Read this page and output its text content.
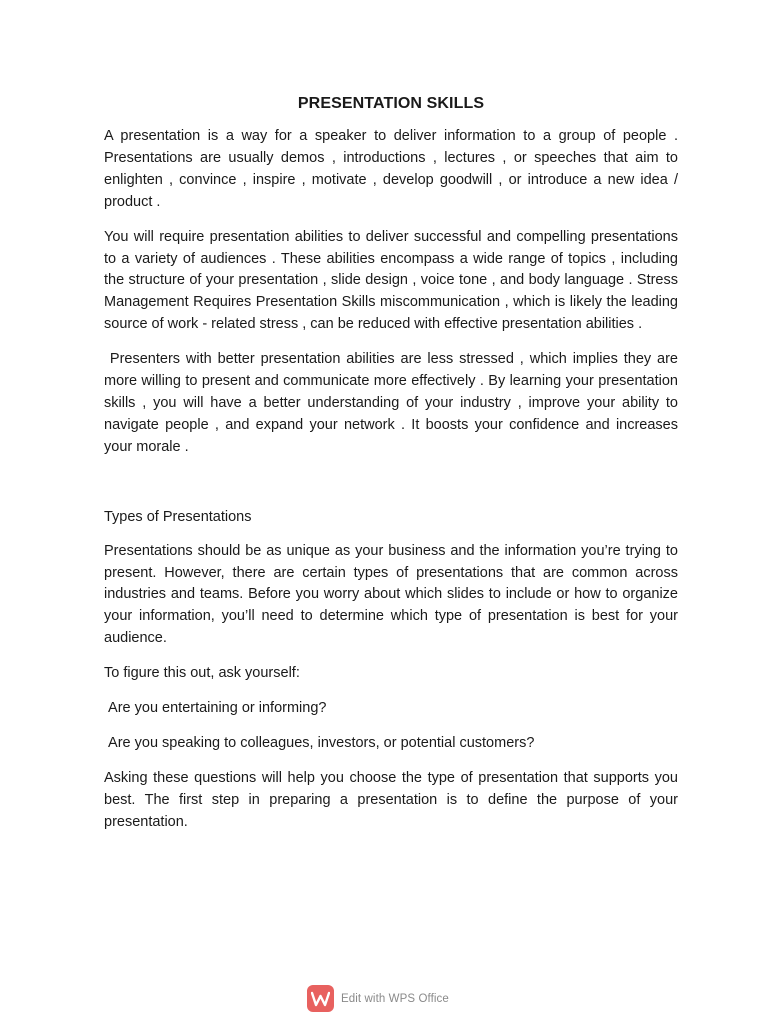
PRESENTATION SKILLS

A presentation is a way for a speaker to deliver information to a group of people . Presentations are usually demos , introductions , lectures , or speeches that aim to enlighten , convince , inspire , motivate , develop goodwill , or introduce a new idea / product .

You will require presentation abilities to deliver successful and compelling presentations to a variety of audiences . These abilities encompass a wide range of topics , including the structure of your presentation , slide design , voice tone , and body language . Stress Management Requires Presentation Skills miscommunication , which is likely the leading source of work - related stress , can be reduced with effective presentation abilities .

Presenters with better presentation abilities are less stressed , which implies they are more willing to present and communicate more effectively . By learning your presentation skills , you will have a better understanding of your industry , improve your ability to navigate people , and expand your network . It boosts your confidence and increases your morale .

Types of Presentations

Presentations should be as unique as your business and the information you’re trying to present. However, there are certain types of presentations that are common across industries and teams. Before you worry about which slides to include or how to organize your information, you’ll need to determine which type of presentation is best for your audience.

To figure this out, ask yourself:

Are you entertaining or informing?

Are you speaking to colleagues, investors, or potential customers?

Asking these questions will help you choose the type of presentation that supports you best. The first step in preparing a presentation is to define the purpose of your presentation.

Edit with WPS Office
